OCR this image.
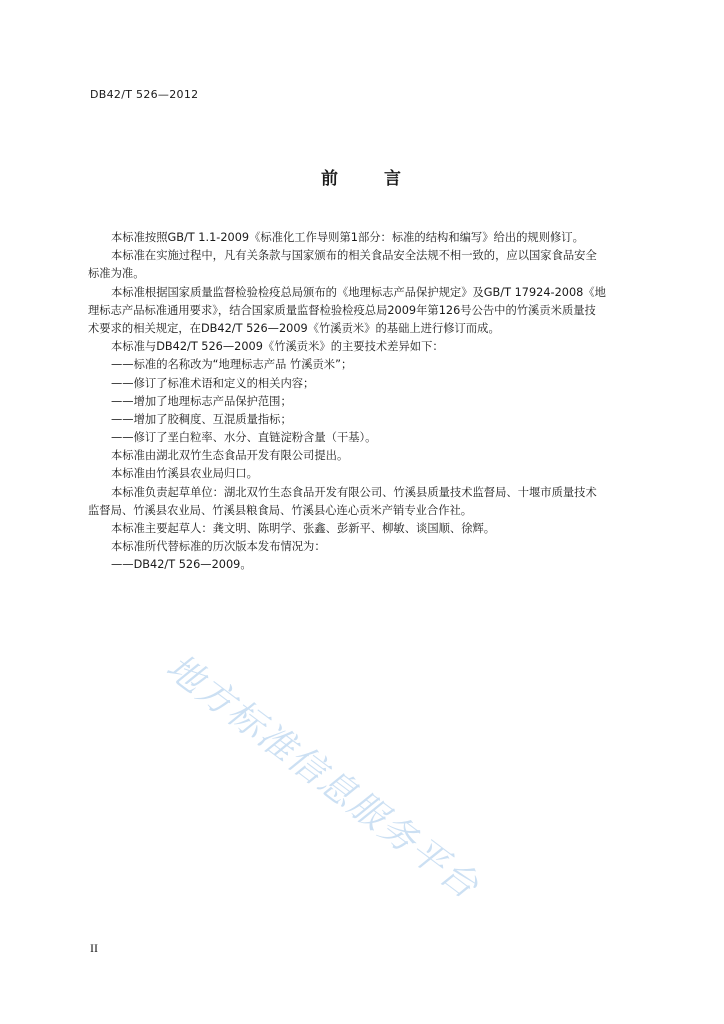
DB42/T 526—2012
前	言
本标准按照GB/T 1.1-2009《标准化工作导则第1部分：标准的结构和编写》给出的规则修订。
本标准在实施过程中，凡有关条款与国家颁布的相关食品安全法规不相一致的，应以国家食品安全
标准为准。
本标准根据国家质量监督检验检疫总局颁布的《地理标志产品保护规定》及GB/T 17924-2008《地
理标志产品标准通用要求》，结合国家质量监督检验检疫总局2009年第126号公告中的竹溪贡米质量技
术要求的相关规定，在DB42/T 526—2009《竹溪贡米》的基础上进行修订而成。
本标准与DB42/T 526—2009《竹溪贡米》的主要技术差异如下：
——标准的名称改为“地理标志产品 竹溪贡米”；
——修订了标准术语和定义的相关内容；
——增加了地理标志产品保护范围；
——增加了胶稠度、互混质量指标；
——修订了垩白粒率、水分、直链淀粉含量（干基）。
本标准由湖北双竹生态食品开发有限公司提出。
本标准由竹溪县农业局归口。
本标准负责起草单位：湖北双竹生态食品开发有限公司、竹溪县质量技术监督局、十堰市质量技术
监督局、竹溪县农业局、竹溪县粮食局、竹溪县心连心贡米产销专业合作社。
本标准主要起草人：龚文明、陈明学、张鑫、彭新平、柳敏、谈国顺、徐辉。
本标准所代替标准的历次版本发布情况为：
——DB42/T 526—2009。
地方标准信息服务平台
II
